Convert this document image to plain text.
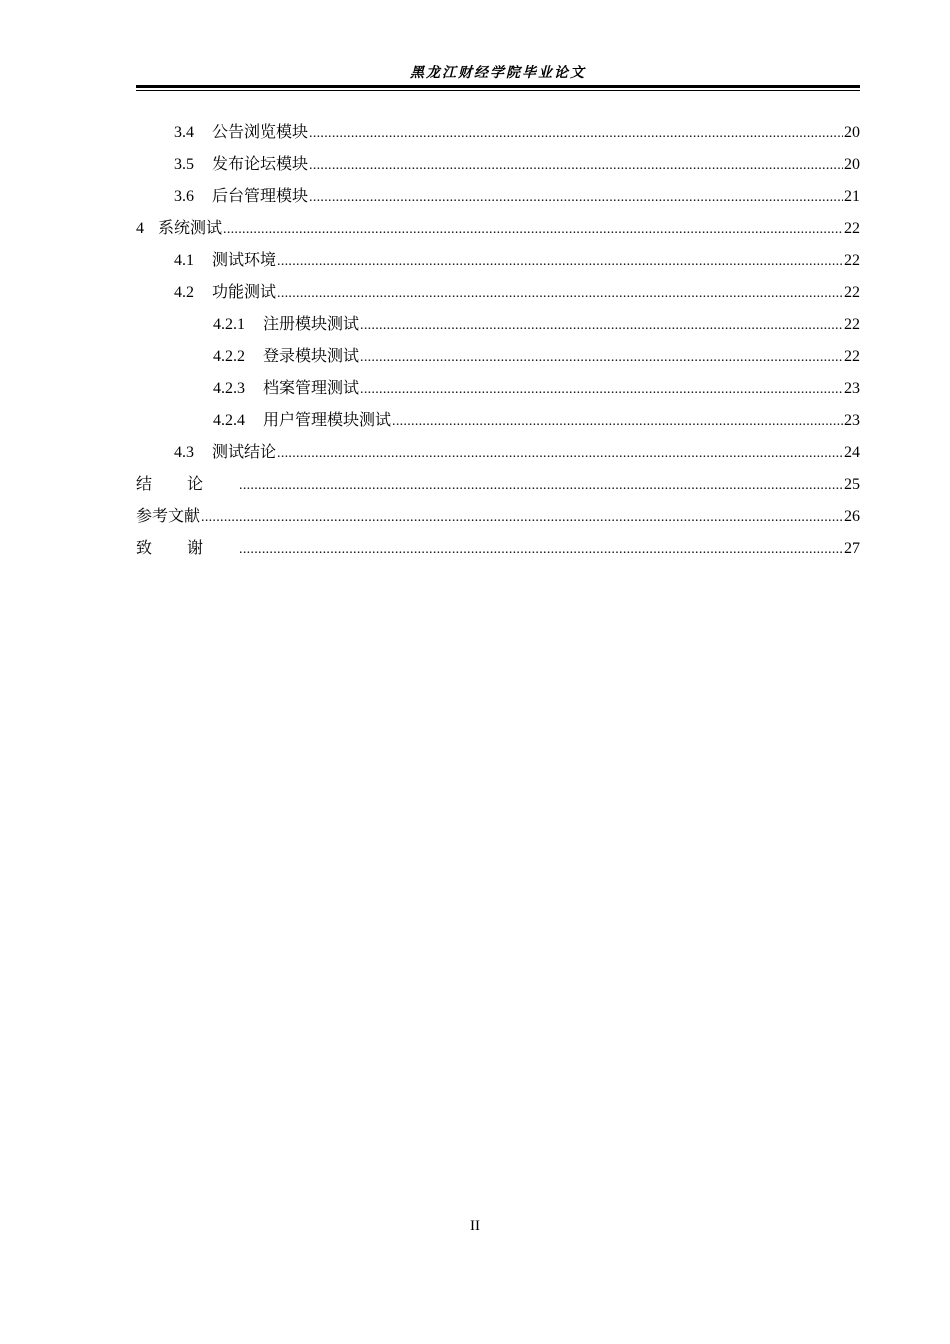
黑龙江财经学院毕业论文
3.4 公告浏览模块 .....	20
3.5 发布论坛模块 .....	20
3.6 后台管理模块 .....	21
4 系统测试 .....	22
4.1 测试环境 .....	22
4.2 功能测试 .....	22
4.2.1 注册模块测试 .....	22
4.2.2 登录模块测试 .....	22
4.2.3 档案管理测试 .....	23
4.2.4 用户管理模块测试 .....	23
4.3 测试结论 .....	24
结论 .....	25
参考文献 .....	26
致谢 .....	27
II
